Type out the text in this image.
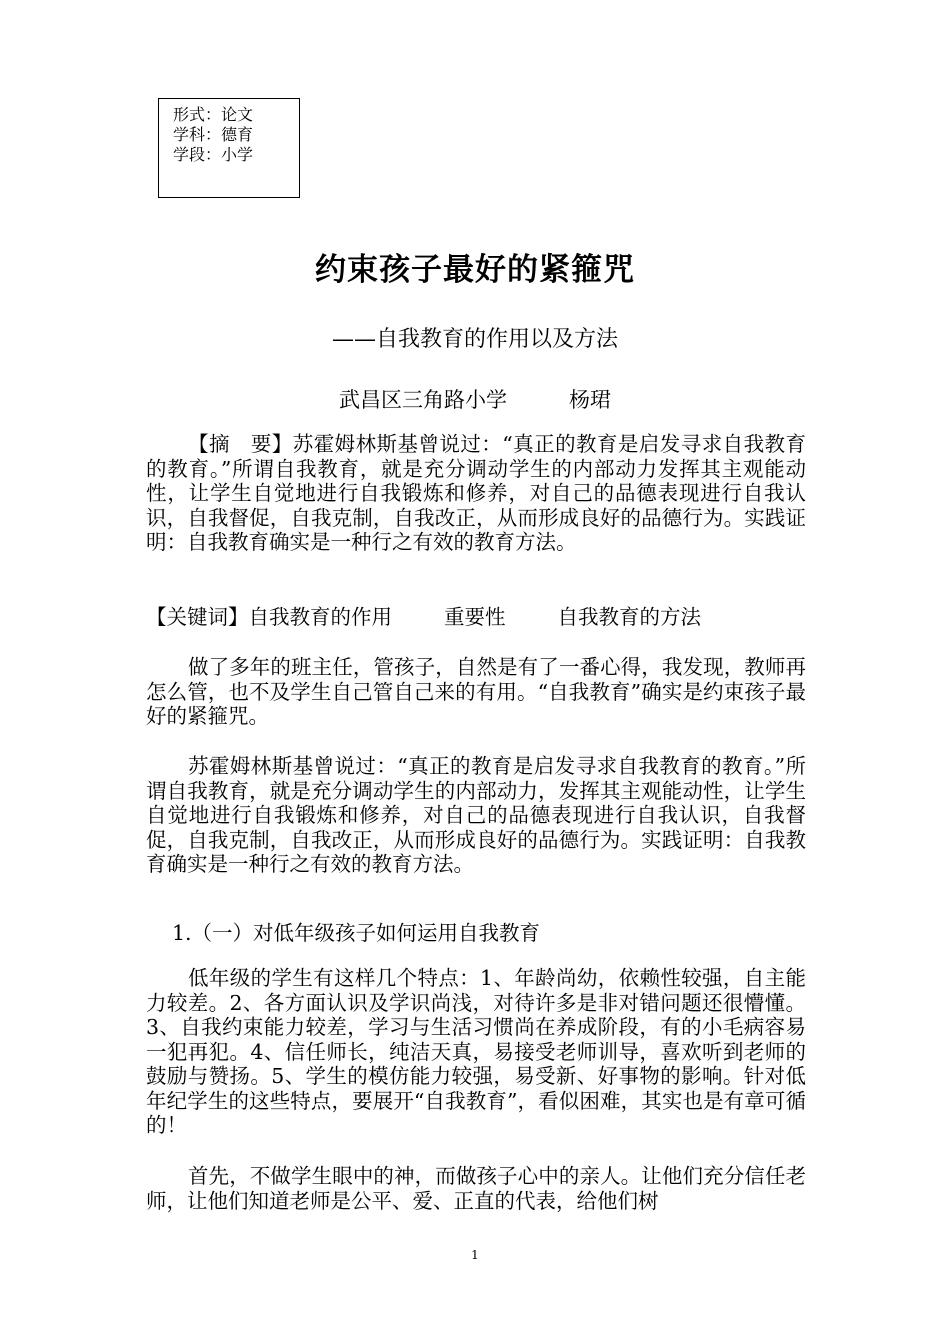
形式：论文
学科：德育
学段：小学
约束孩子最好的紧箍咒
——自我教育的作用以及方法
武昌区三角路小学	杨珺
【摘　要】苏霍姆林斯基曾说过：“真正的教育是启发寻求自我教育的教育。”所谓自我教育，就是充分调动学生的内部动力发挥其主观能动性，让学生自觉地进行自我锻炼和修养，对自己的品德表现进行自我认识，自我督促，自我克制，自我改正，从而形成良好的品德行为。实践证明：自我教育确实是一种行之有效的教育方法。
【关键词】自我教育的作用	重要性	自我教育的方法
做了多年的班主任，管孩子，自然是有了一番心得，我发现，教师再怎么管，也不及学生自己管自己来的有用。“自我教育”确实是约束孩子最好的紧箍咒。
苏霍姆林斯基曾说过：“真正的教育是启发寻求自我教育的教育。”所谓自我教育，就是充分调动学生的内部动力，发挥其主观能动性，让学生自觉地进行自我锻炼和修养，对自己的品德表现进行自我认识，自我督促，自我克制，自我改正，从而形成良好的品德行为。实践证明：自我教育确实是一种行之有效的教育方法。
1.（一）对低年级孩子如何运用自我教育
低年级的学生有这样几个特点：1、年龄尚幼，依赖性较强，自主能力较差。2、各方面认识及学识尚浅，对待许多是非对错问题还很懵懂。3、自我约束能力较差，学习与生活习惯尚在养成阶段，有的小毛病容易一犯再犯。4、信任师长，纯洁天真，易接受老师训导，喜欢听到老师的鼓励与赞扬。5、学生的模仿能力较强，易受新、好事物的影响。针对低年纪学生的这些特点，要展开“自我教育”，看似困难，其实也是有章可循的！
首先，不做学生眼中的神，而做孩子心中的亲人。让他们充分信任老师，让他们知道老师是公平、爱、正直的代表，给他们树
1
